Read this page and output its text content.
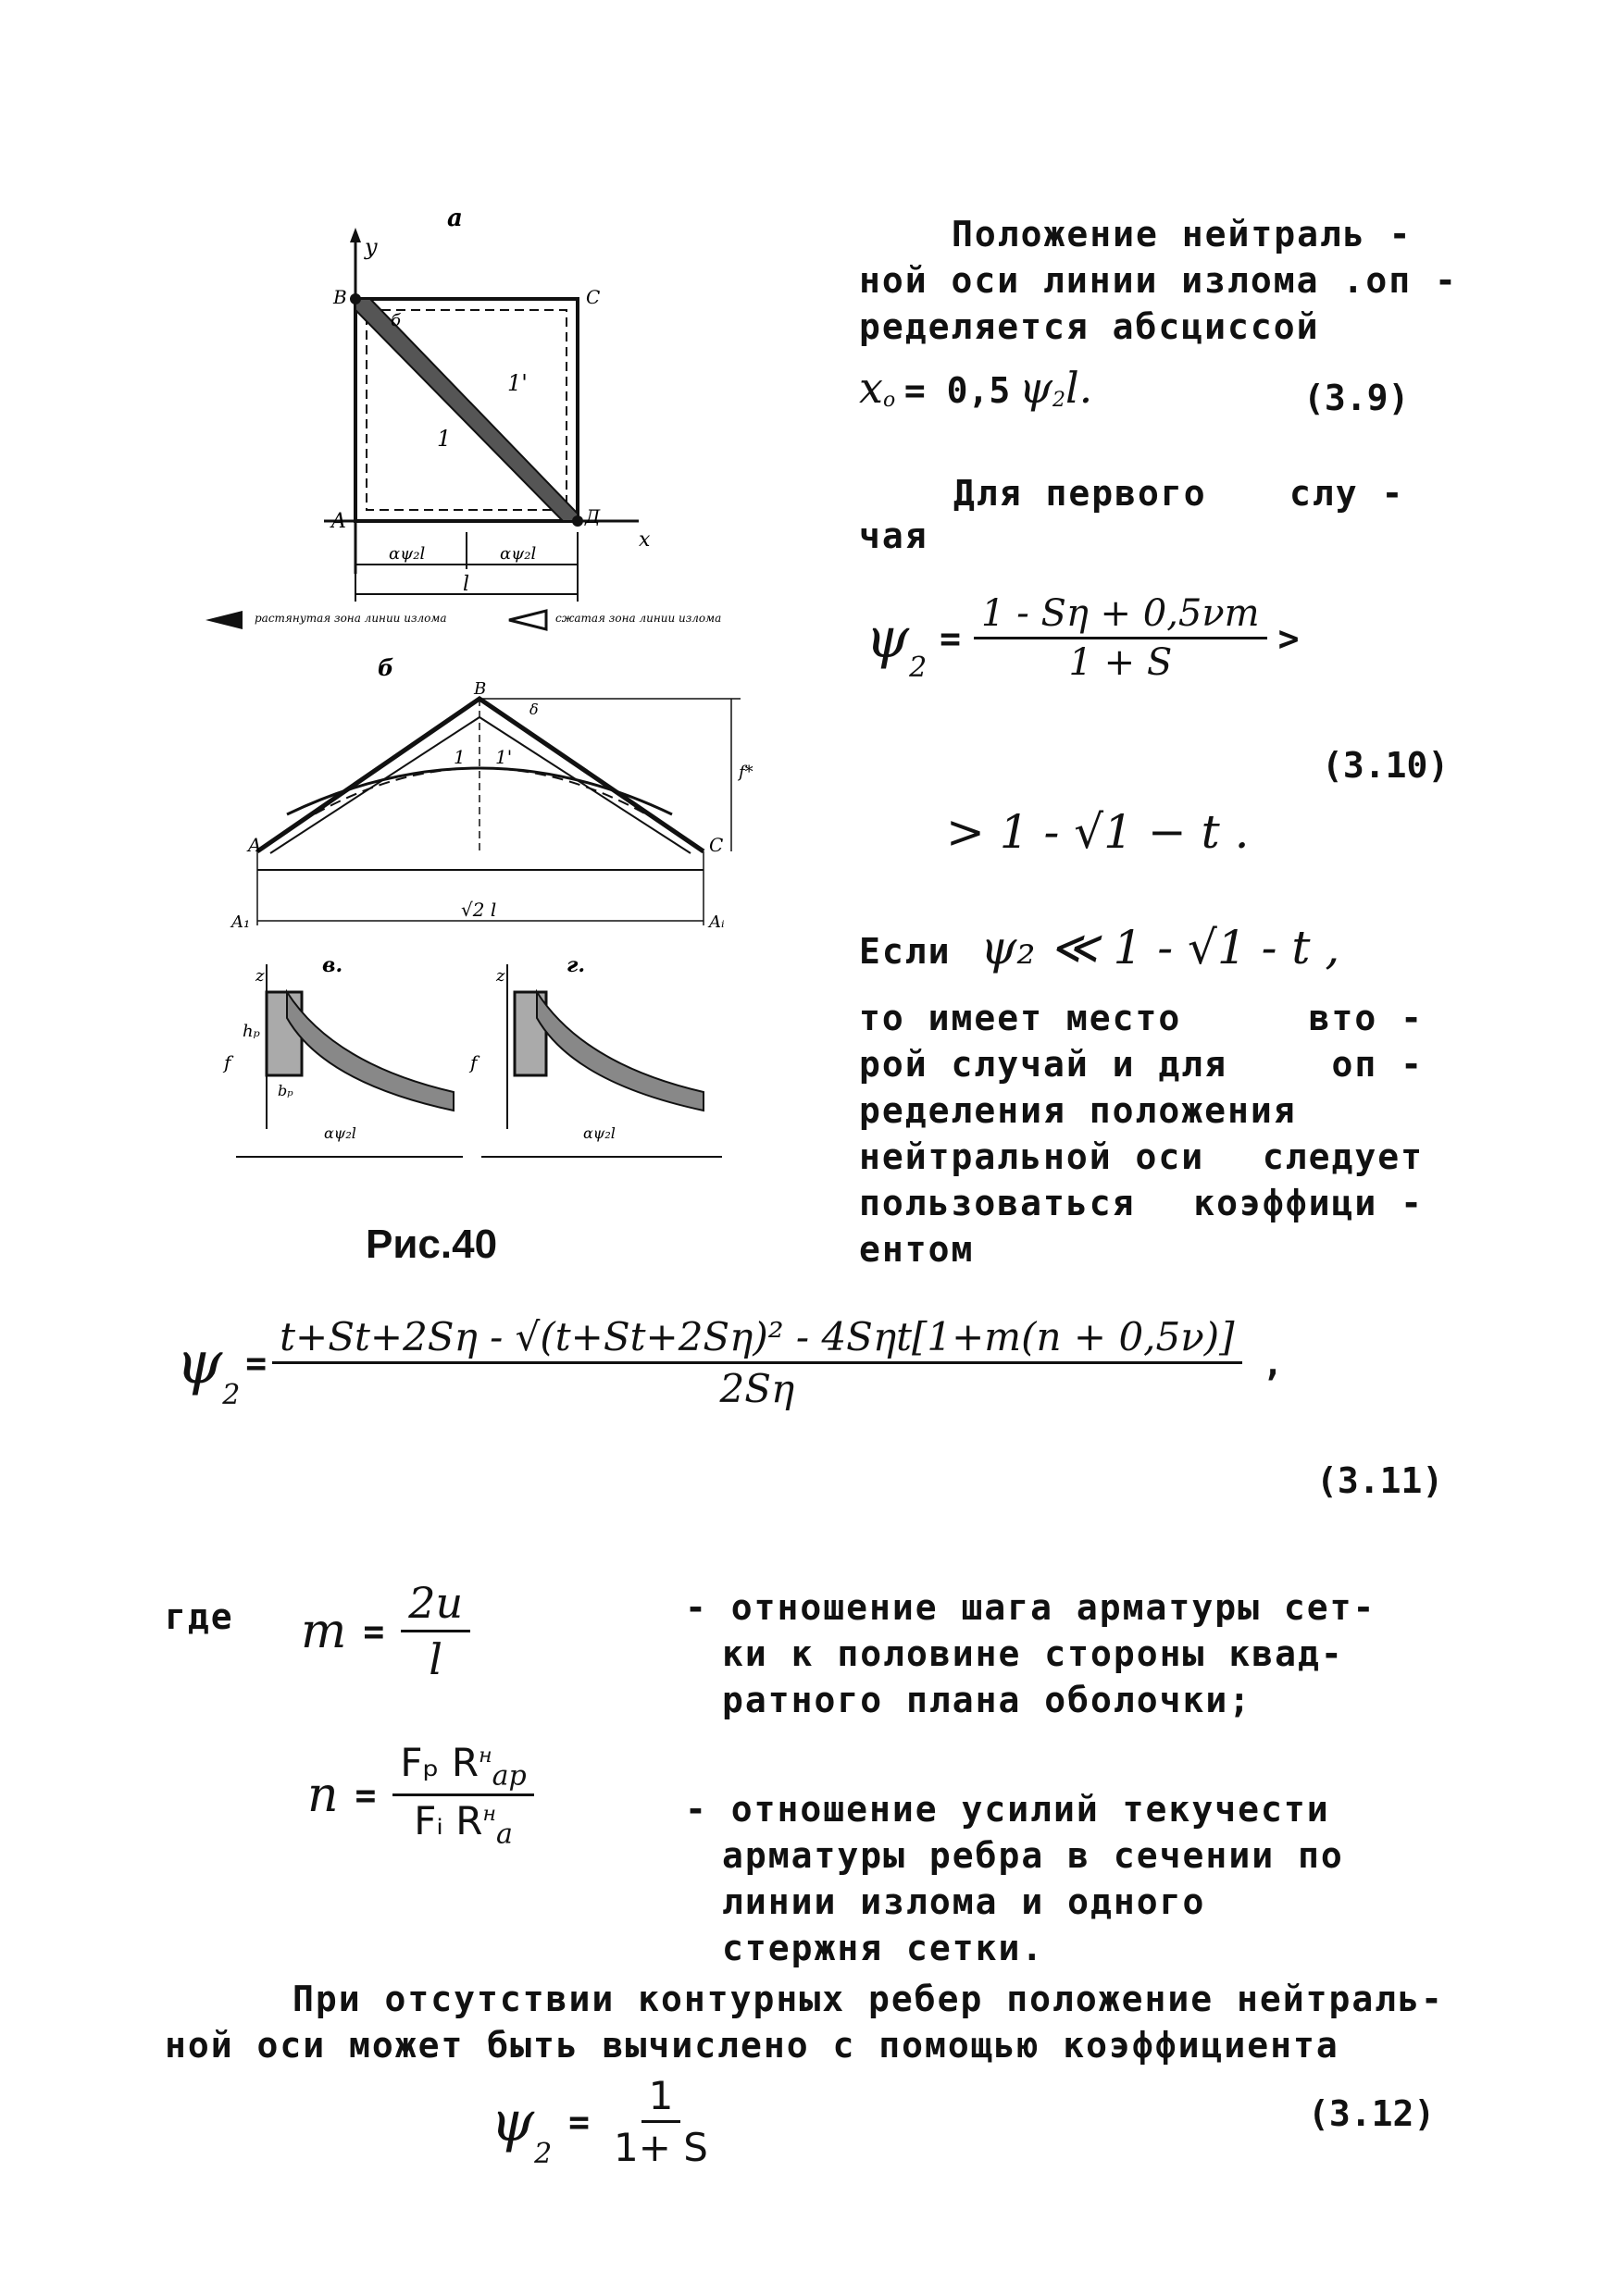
а
y
B	C
A	Д
x
б
1
1'
αψ₂l	αψ₂l
l
растянутая зона линии излома	сжатая зона линии излома
б
B
A	C
1 1'
δ
f*
√2 l
A₁	Aᵢ
в.
z
hₚ
bₚ
f
αψ₂l
г.
z
f
αψ₂l
Рис.40
Положение нейтраль -
ной оси линии излома .оп -
ределяется абсциссой
$x_o = 0,5$ $\psi_2l$.	(3.9)
Для первого слу -
чая
ψ 2
= $\frac{1 - S\eta + 0,5\nu m}{1 + S}$ >
(3.10)
> 1 - √1 − t .
Если ψ₂ ≪ 1 - √1 - t ,
то имеет место	вто -
рой случай и для	оп -
ределения положения
нейтральной оси следует
пользоваться коэффици -
ентом
ψ 2
= $\frac{\text{t+St+2Sη - √(t+St+2Sη)² - 4Sηt[1+m(n + 0,5ν)]}}{2S\eta}$ ,
(3.11)
где $m = \frac{2u}{l}$	- отношение шага арматуры сет-
ки к половине стороны квад-
ратного плана оболочки;
$n = \frac{F_p R^н_{ap}}{Fᵢ R^н_a}$	- отношение усилий текучести
арматуры ребра в сечении по
линии излома и одного
стержня сетки.
При отсутствии контурных ребер положение нейтраль-
ной оси может быть вычислено с помощью коэффициента
ψ 2
= $\frac{1}{1+ S}$	(3.12)
